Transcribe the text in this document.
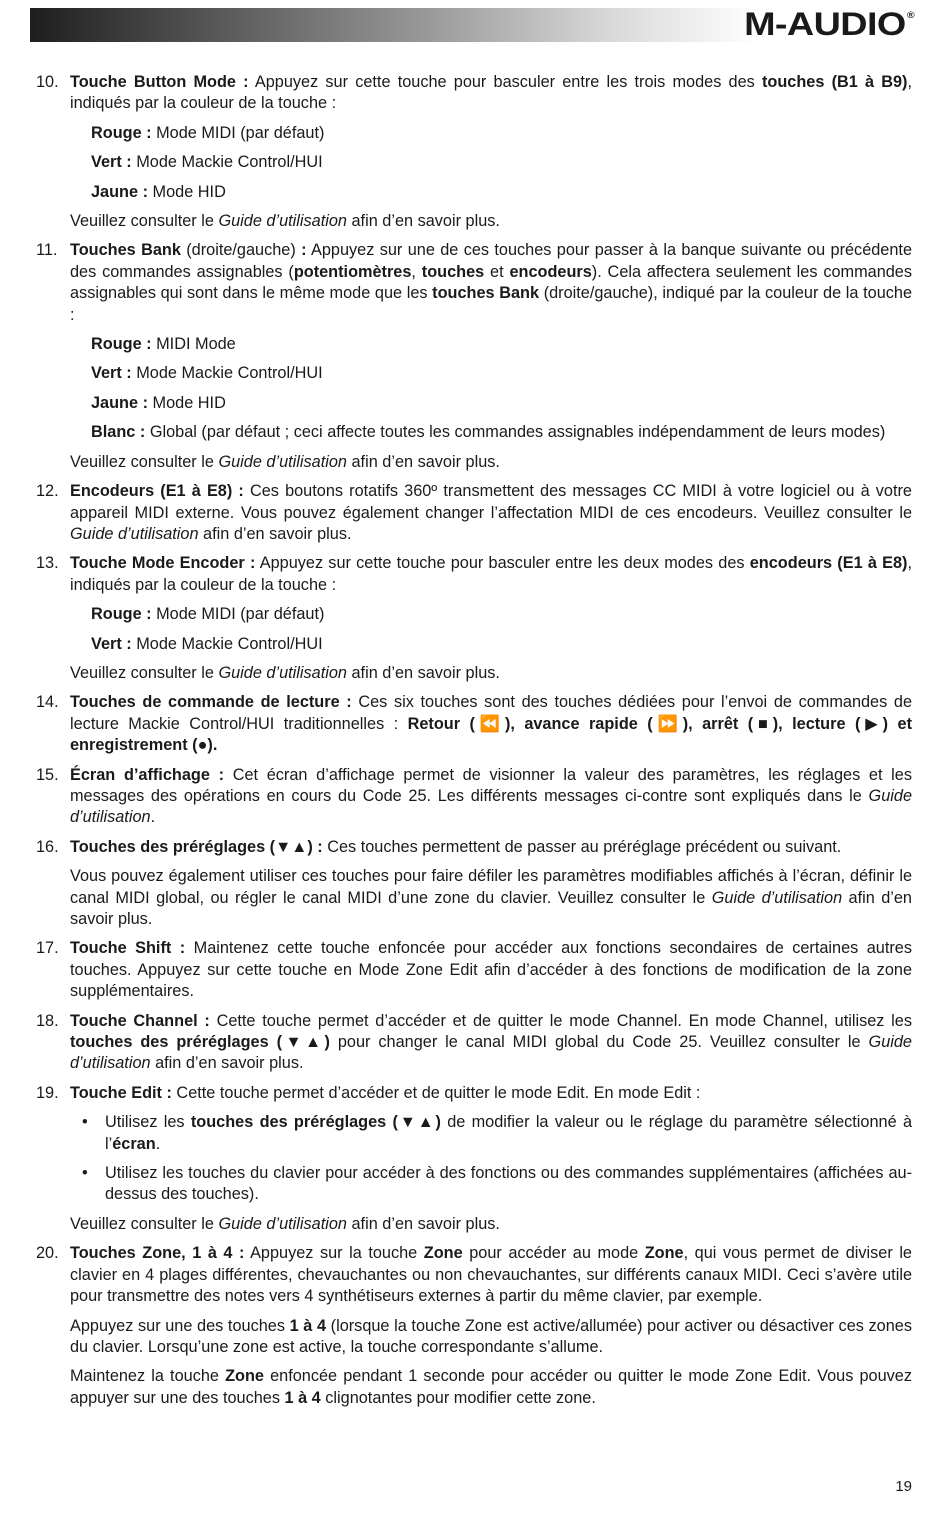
M-AUDIO®
10. Touche Button Mode : Appuyez sur cette touche pour basculer entre les trois modes des touches (B1 à B9), indiqués par la couleur de la touche :
Rouge : Mode MIDI (par défaut)
Vert : Mode Mackie Control/HUI
Jaune : Mode HID
Veuillez consulter le Guide d’utilisation afin d’en savoir plus.
11. Touches Bank (droite/gauche) : Appuyez sur une de ces touches pour passer à la banque suivante ou précédente des commandes assignables (potentiomètres, touches et encodeurs). Cela affectera seulement les commandes assignables qui sont dans le même mode que les touches Bank (droite/gauche), indiqué par la couleur de la touche :
Rouge : MIDI Mode
Vert : Mode Mackie Control/HUI
Jaune : Mode HID
Blanc : Global (par défaut ; ceci affecte toutes les commandes assignables indépendamment de leurs modes)
Veuillez consulter le Guide d’utilisation afin d’en savoir plus.
12. Encodeurs (E1 à E8) : Ces boutons rotatifs 360º transmettent des messages CC MIDI à votre logiciel ou à votre appareil MIDI externe. Vous pouvez également changer l’affectation MIDI de ces encodeurs. Veuillez consulter le Guide d’utilisation afin d’en savoir plus.
13. Touche Mode Encoder : Appuyez sur cette touche pour basculer entre les deux modes des encodeurs (E1 à E8), indiqués par la couleur de la touche :
Rouge : Mode MIDI (par défaut)
Vert : Mode Mackie Control/HUI
Veuillez consulter le Guide d’utilisation afin d’en savoir plus.
14. Touches de commande de lecture : Ces six touches sont des touches dédiées pour l’envoi de commandes de lecture Mackie Control/HUI traditionnelles : Retour (⏪), avance rapide (⏩), arrêt (■), lecture (▶) et enregistrement (●).
15. Écran d’affichage : Cet écran d’affichage permet de visionner la valeur des paramètres, les réglages et les messages des opérations en cours du Code 25. Les différents messages ci-contre sont expliqués dans le Guide d’utilisation.
16. Touches des préréglages (▼▲) : Ces touches permettent de passer au préréglage précédent ou suivant.
Vous pouvez également utiliser ces touches pour faire défiler les paramètres modifiables affichés à l’écran, définir le canal MIDI global, ou régler le canal MIDI d’une zone du clavier. Veuillez consulter le Guide d’utilisation afin d’en savoir plus.
17. Touche Shift : Maintenez cette touche enfoncée pour accéder aux fonctions secondaires de certaines autres touches. Appuyez sur cette touche en Mode Zone Edit afin d’accéder à des fonctions de modification de la zone supplémentaires.
18. Touche Channel : Cette touche permet d’accéder et de quitter le mode Channel. En mode Channel, utilisez les touches des préréglages (▼▲) pour changer le canal MIDI global du Code 25. Veuillez consulter le Guide d’utilisation afin d’en savoir plus.
19. Touche Edit : Cette touche permet d’accéder et de quitter le mode Edit. En mode Edit :
•	Utilisez les touches des préréglages (▼▲) de modifier la valeur ou le réglage du paramètre sélectionné à l’écran.
•	Utilisez les touches du clavier pour accéder à des fonctions ou des commandes supplémentaires (affichées au-dessus des touches).
Veuillez consulter le Guide d’utilisation afin d’en savoir plus.
20. Touches Zone, 1 à 4 : Appuyez sur la touche Zone pour accéder au mode Zone, qui vous permet de diviser le clavier en 4 plages différentes, chevauchantes ou non chevauchantes, sur différents canaux MIDI. Ceci s’avère utile pour transmettre des notes vers 4 synthétiseurs externes à partir du même clavier, par exemple.
Appuyez sur une des touches 1 à 4 (lorsque la touche Zone est active/allumée) pour activer ou désactiver ces zones du clavier. Lorsqu’une zone est active, la touche correspondante s’allume.
Maintenez la touche Zone enfoncée pendant 1 seconde pour accéder ou quitter le mode Zone Edit. Vous pouvez appuyer sur une des touches 1 à 4 clignotantes pour modifier cette zone.
19
